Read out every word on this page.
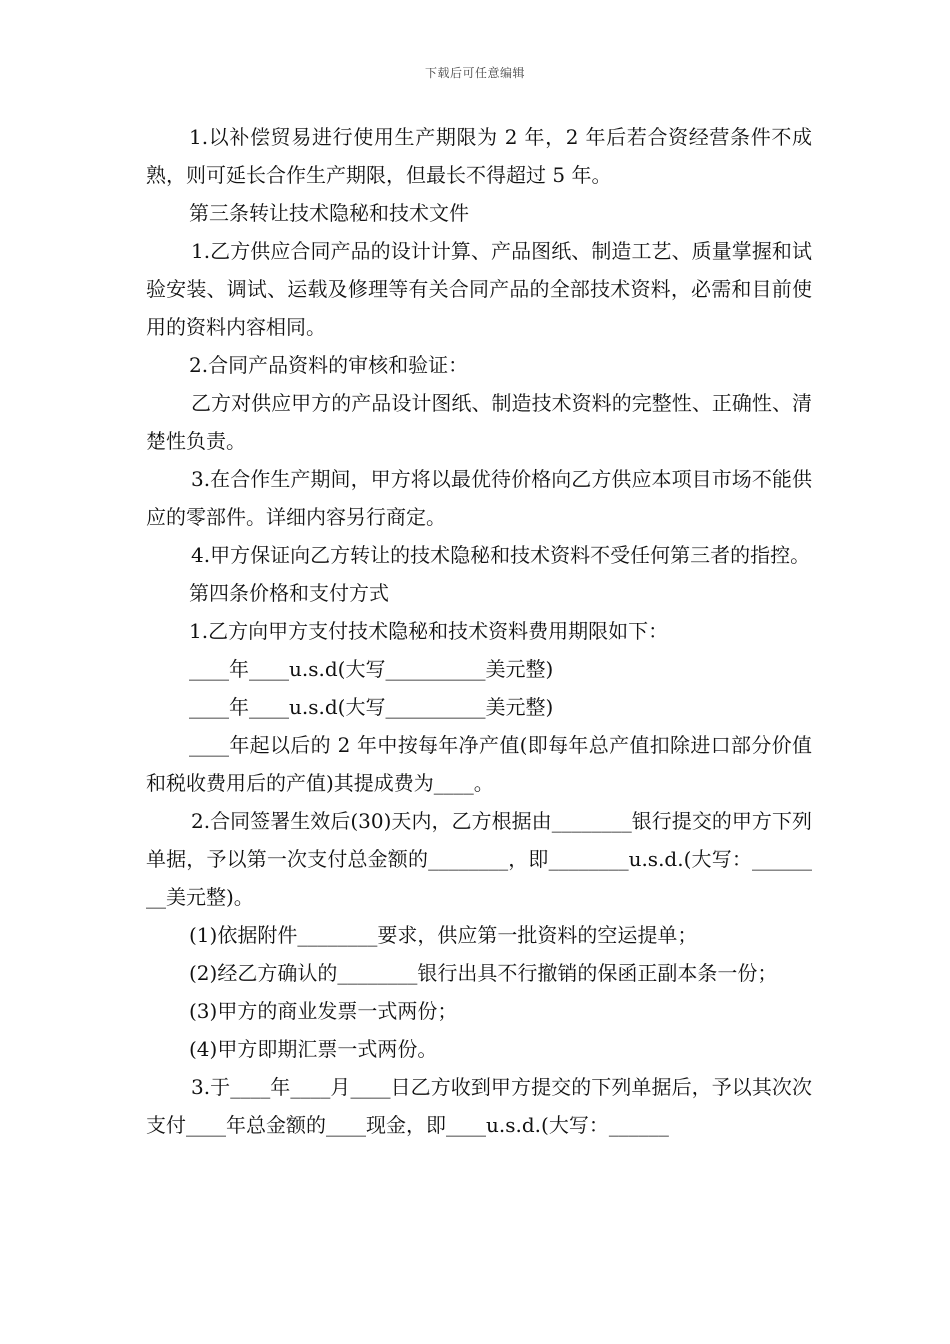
下载后可任意编辑

1.以补偿贸易进行使用生产期限为 2 年，2 年后若合资经营条件不成熟，则可延长合作生产期限，但最长不得超过 5 年。

第三条转让技术隐秘和技术文件

1.乙方供应合同产品的设计计算、产品图纸、制造工艺、质量掌握和试验安装、调试、运载及修理等有关合同产品的全部技术资料，必需和目前使用的资料内容相同。

2.合同产品资料的审核和验证：

乙方对供应甲方的产品设计图纸、制造技术资料的完整性、正确性、清楚性负责。

3.在合作生产期间，甲方将以最优待价格向乙方供应本项目市场不能供应的零部件。详细内容另行商定。

4.甲方保证向乙方转让的技术隐秘和技术资料不受任何第三者的指控。

第四条价格和支付方式

1.乙方向甲方支付技术隐秘和技术资料费用期限如下：

____年____u.s.d(大写__________美元整)

____年____u.s.d(大写__________美元整)

____年起以后的 2 年中按每年净产值(即每年总产值扣除进口部分价值和税收费用后的产值)其提成费为____。

2.合同签署生效后(30)天内，乙方根据由________银行提交的甲方下列单据，予以第一次支付总金额的________，即________u.s.d.(大写：________美元整)。

(1)依据附件________要求，供应第一批资料的空运提单；

(2)经乙方确认的________银行出具不行撤销的保函正副本条一份；

(3)甲方的商业发票一式两份；

(4)甲方即期汇票一式两份。

3.于____年____月____日乙方收到甲方提交的下列单据后，予以其次次支付____年总金额的____现金，即____u.s.d.(大写：______
